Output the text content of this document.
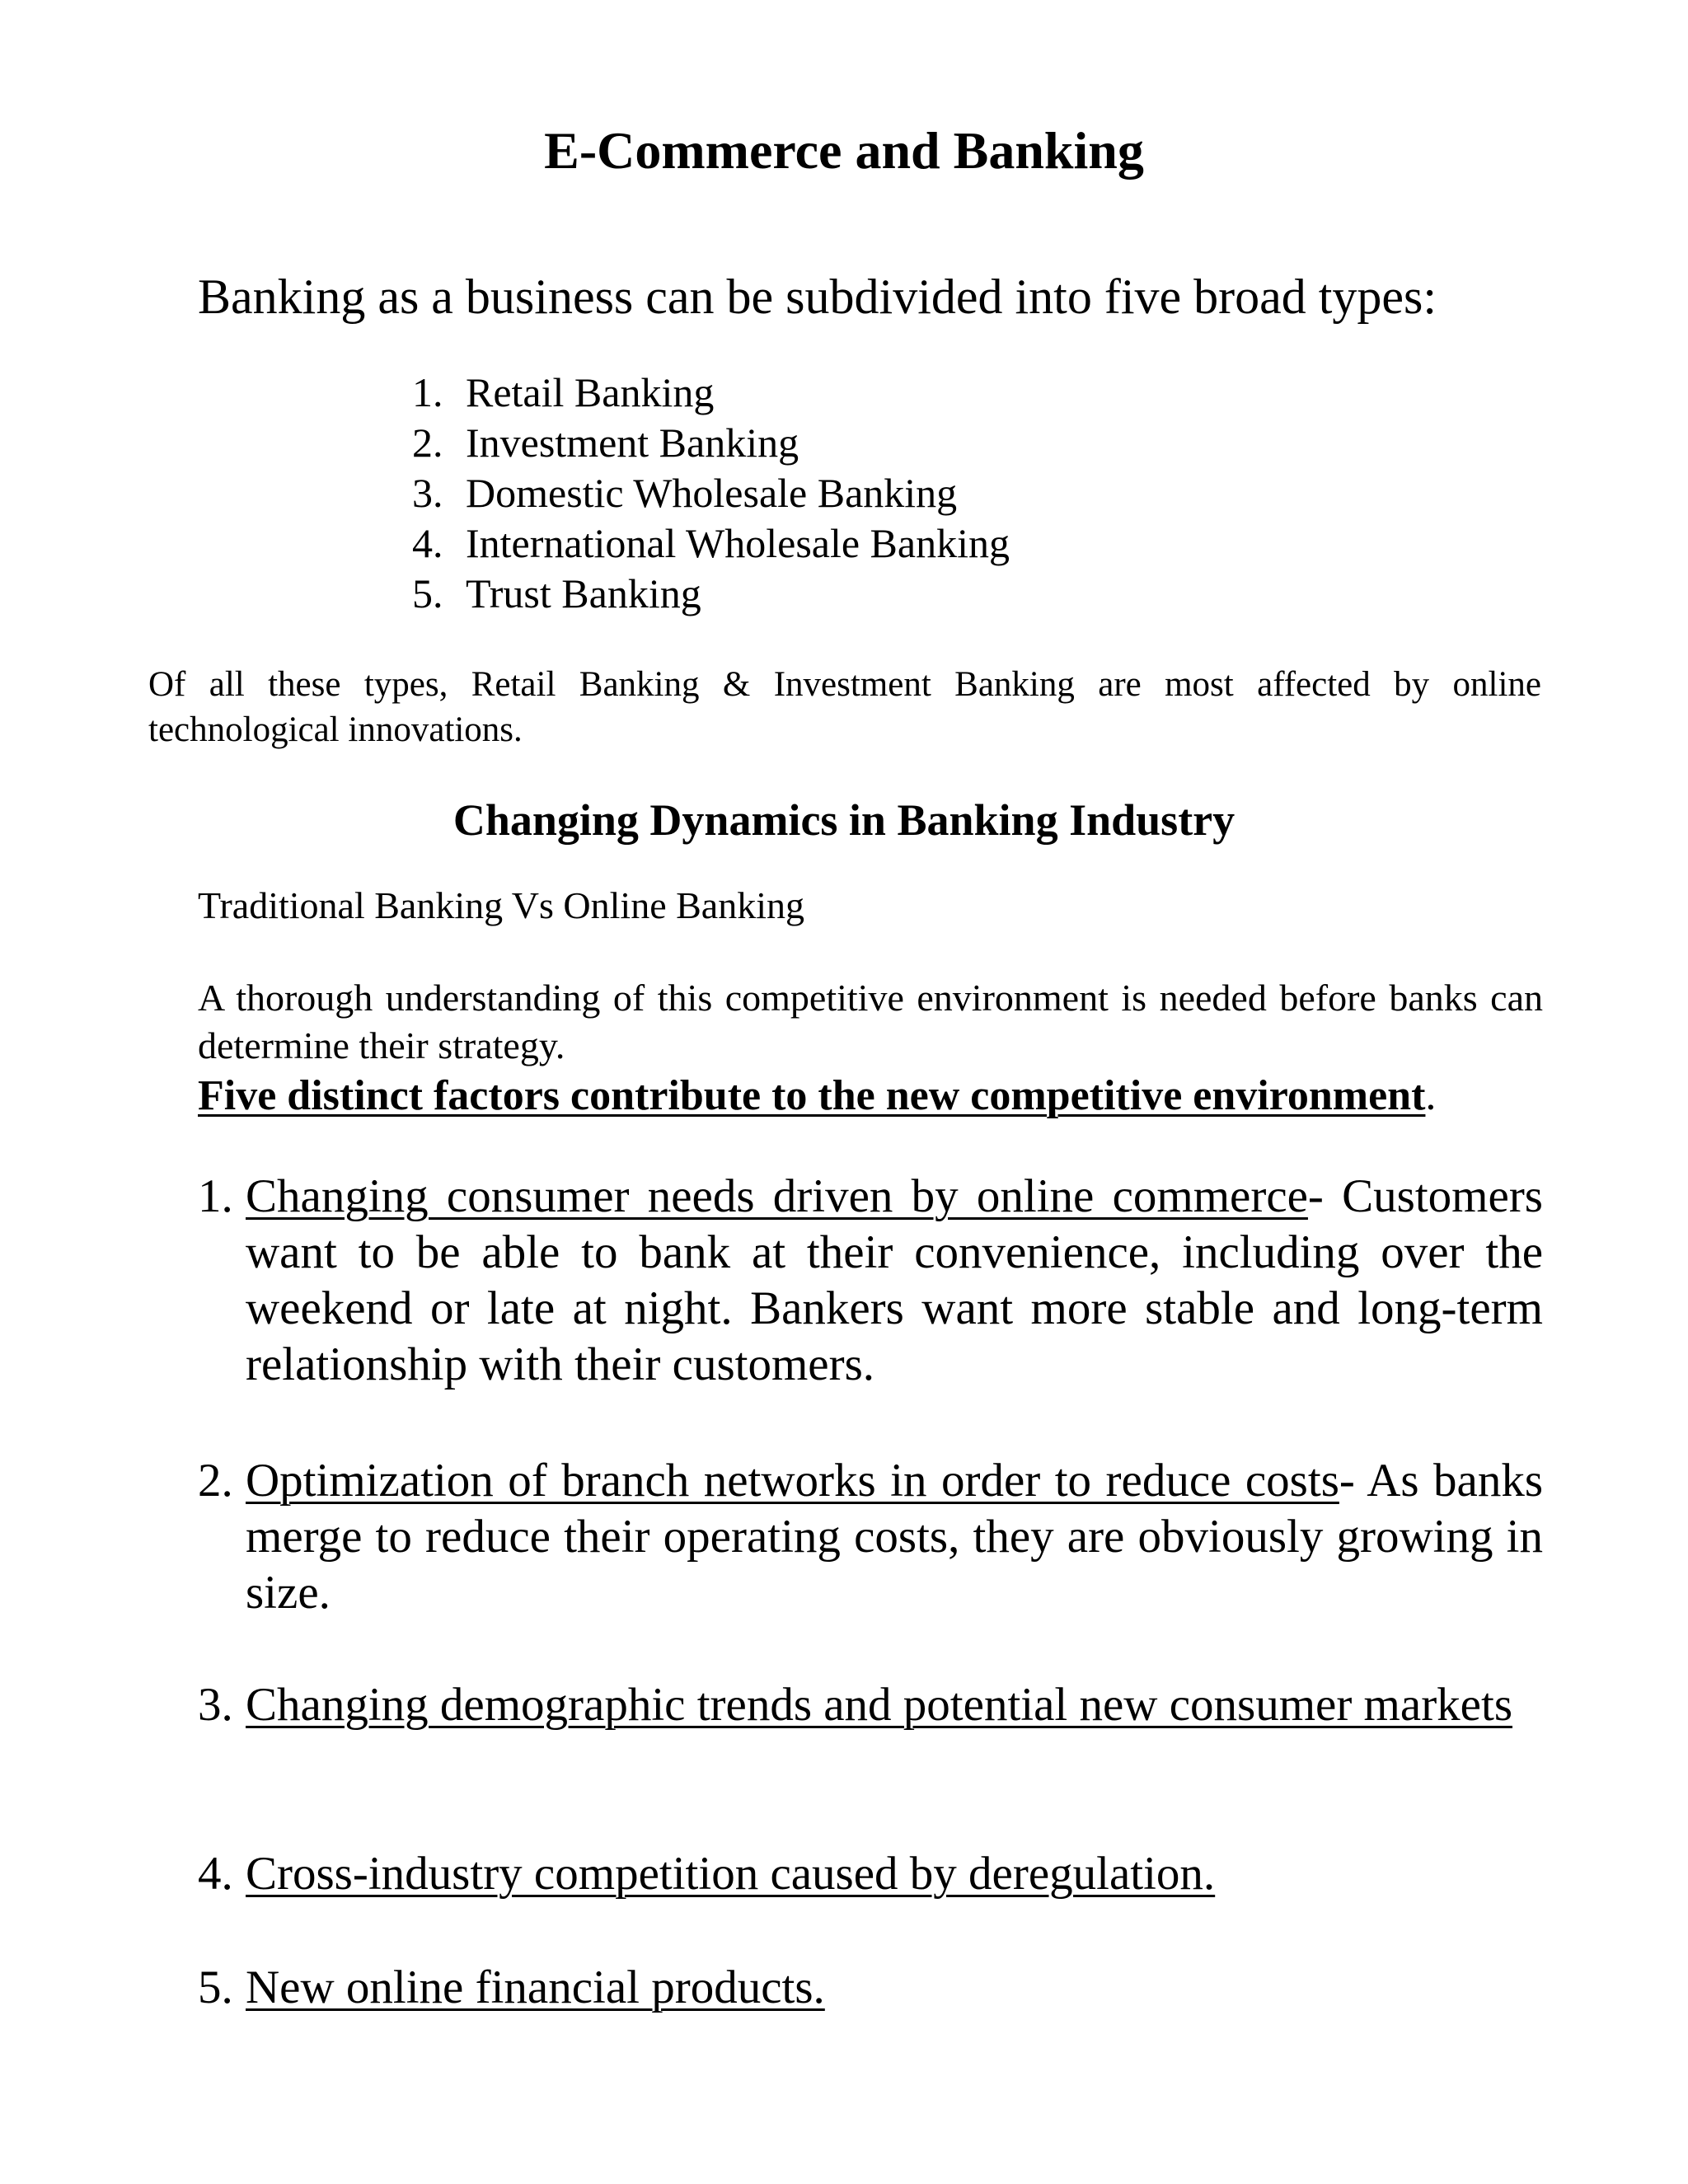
E-Commerce and Banking
Banking as a business can be subdivided into five broad types:
1. Retail Banking
2. Investment Banking
3. Domestic Wholesale Banking
4. International Wholesale Banking
5. Trust Banking

Of all these types, Retail Banking & Investment Banking are most affected by online technological innovations.

Changing Dynamics in Banking Industry
Traditional Banking Vs Online Banking

A thorough understanding of this competitive environment is needed before banks can determine their strategy.

Five distinct factors contribute to the new competitive environment.
1. Changing consumer needs driven by online commerce- Customers want to be able to bank at their convenience, including over the weekend or late at night. Bankers want more stable and long-term relationship with their customers.
2. Optimization of branch networks in order to reduce costs- As banks merge to reduce their operating costs, they are obviously growing in size.
3. Changing demographic trends and potential new consumer markets
4. Cross-industry competition caused by deregulation.
5. New online financial products.
